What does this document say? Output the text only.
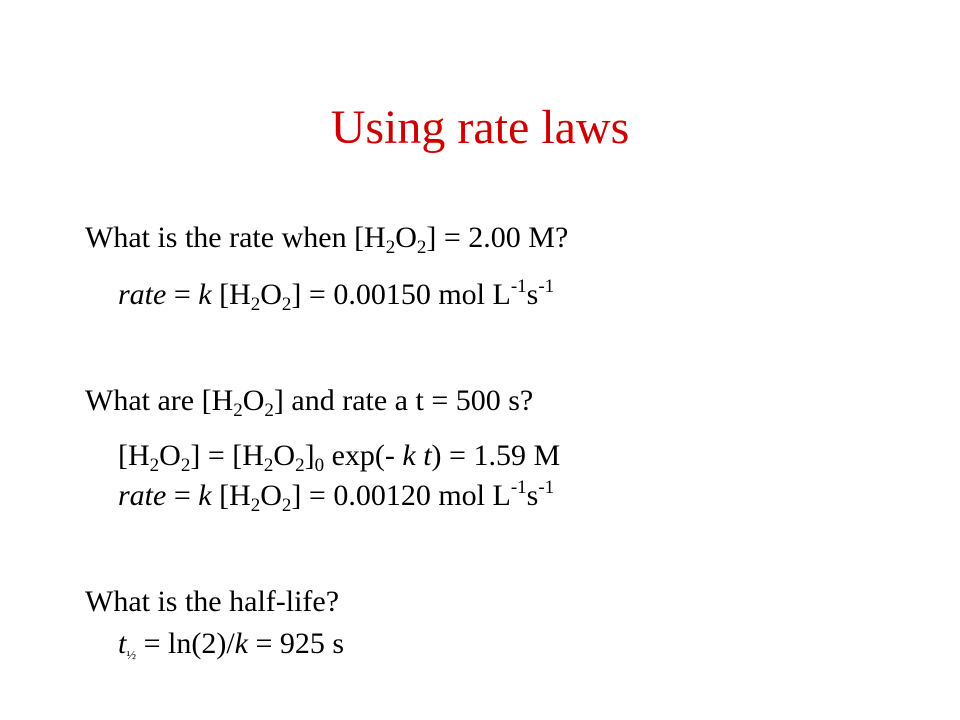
Using rate laws
What is the rate when $[H_2O_2] = 2.00$ M?
rate = k $[H_2O_2] = 0.00150$ mol $L^{-1}s^{-1}$
What are $[H_2O_2]$ and rate a t = 500 s?
$[H_2O_2] = [H_2O_2]_0$ exp(- k t) = 1.59 M
rate = k $[H_2O_2] = 0.00120$ mol $L^{-1}s^{-1}$
What is the half-life?
$t_{\frac{1}{2}} = \ln(2)/k = 925$ s
